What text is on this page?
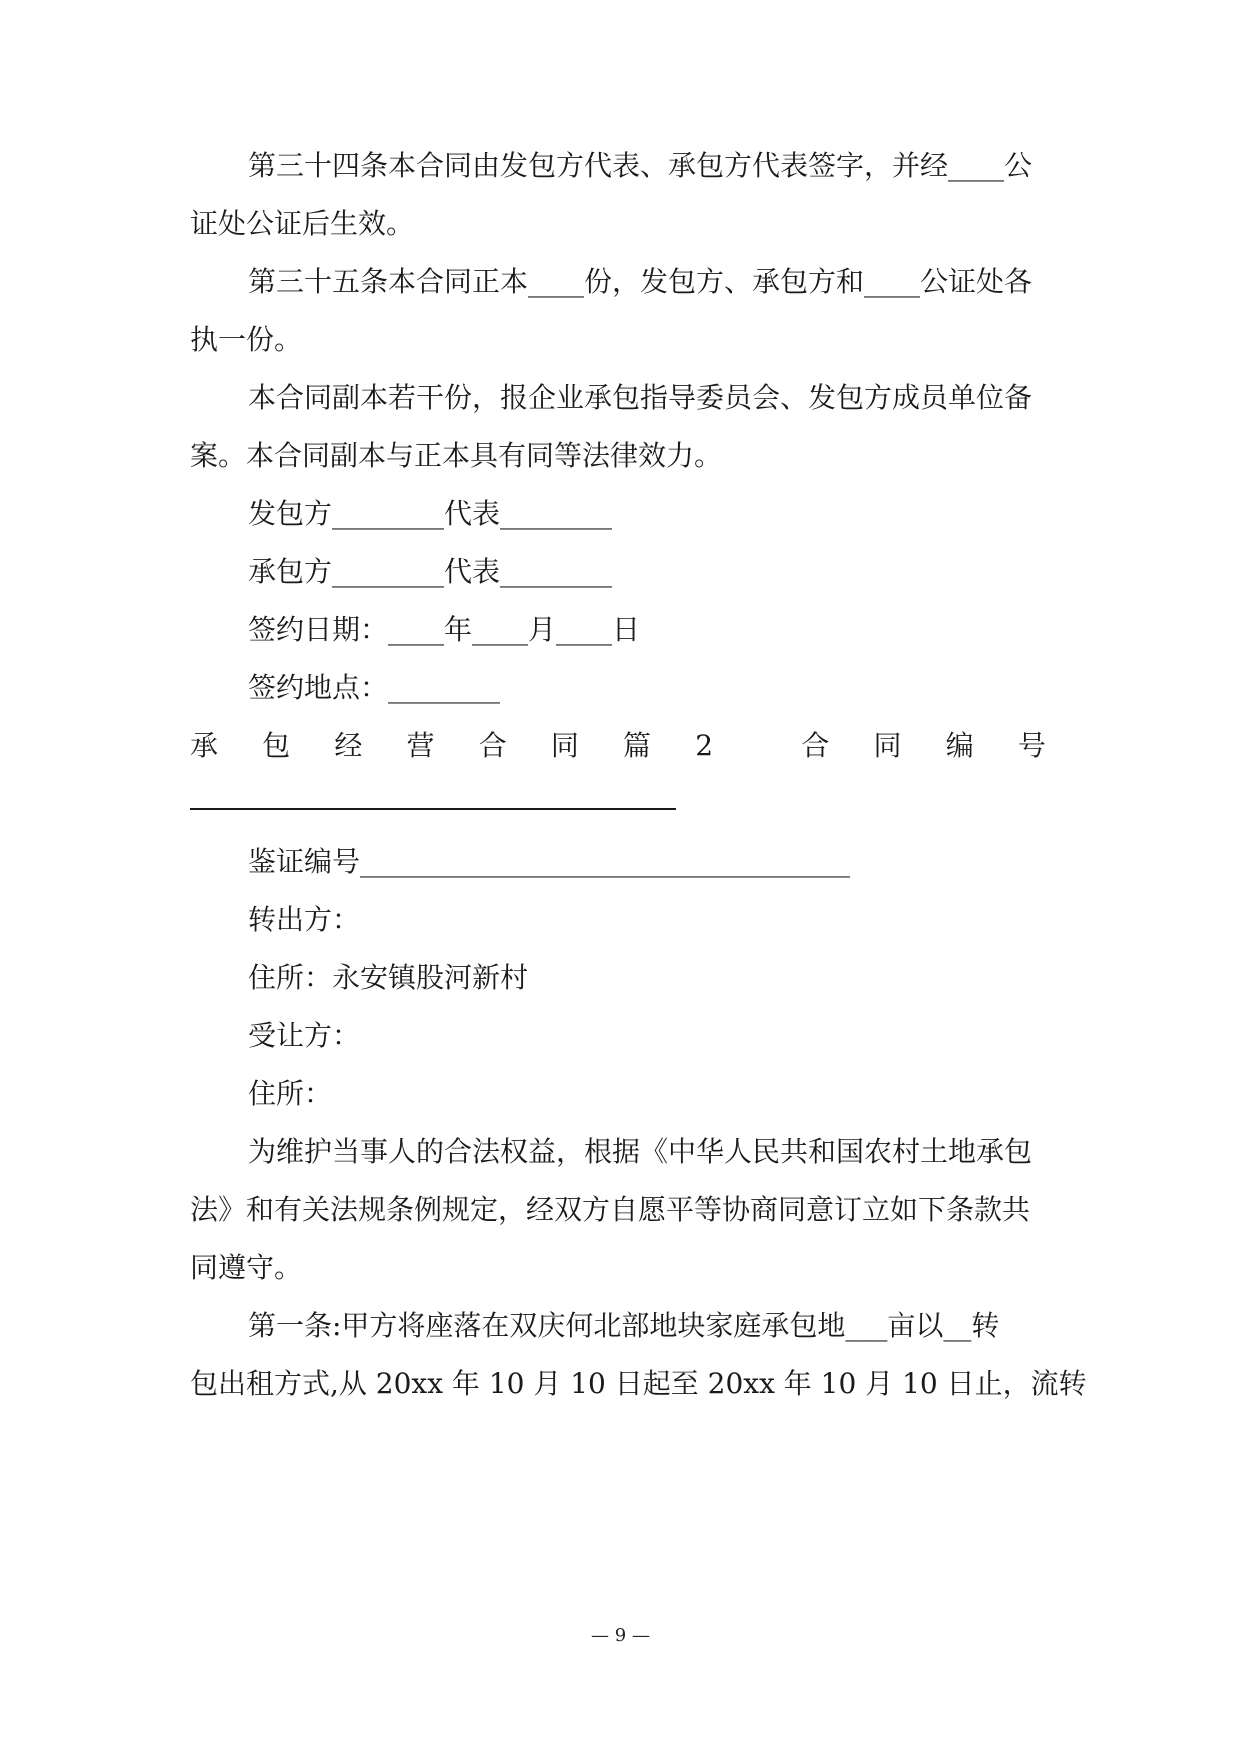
第三十四条本合同由发包方代表、承包方代表签字，并经____公
证处公证后生效。
第三十五条本合同正本____份，发包方、承包方和____公证处各
执一份。
本合同副本若干份，报企业承包指导委员会、发包方成员单位备
案。本合同副本与正本具有同等法律效力。
发包方________代表________
承包方________代表________
签约日期：____年____月____日
签约地点：________
承 包 经 营 合 同 篇 2	合 同 编 号
鉴证编号___________________________________
转出方：
住所：永安镇股河新村
受让方：
住所：
为维护当事人的合法权益，根据《中华人民共和国农村土地承包
法》和有关法规条例规定，经双方自愿平等协商同意订立如下条款共
同遵守。
第一条:甲方将座落在双庆何北部地块家庭承包地___亩以__转
包出租方式,从 20xx 年 10 月 10 日起至 20xx 年 10 月 10 日止，流转
— 9 —
